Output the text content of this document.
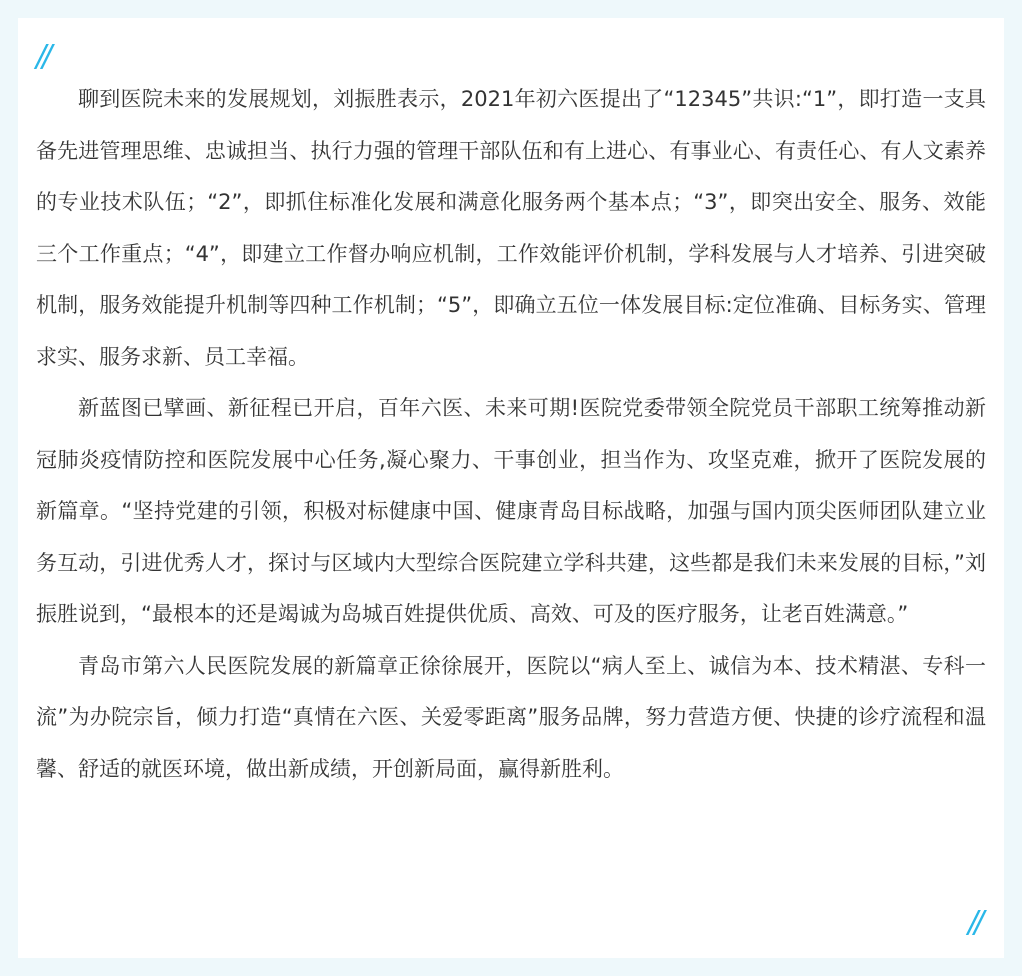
//

聊到医院未来的发展规划，刘振胜表示，2021年初六医提出了“12345”共识:“1”，即打造一支具备先进管理思维、忠诚担当、执行力强的管理干部队伍和有上进心、有事业心、有责任心、有人文素养的专业技术队伍；“2”，即抓住标准化发展和满意化服务两个基本点；“3”，即突出安全、服务、效能三个工作重点；“4”，即建立工作督办响应机制，工作效能评价机制，学科发展与人才培养、引进突破机制，服务效能提升机制等四种工作机制；“5”，即确立五位一体发展目标:定位准确、目标务实、管理求实、服务求新、员工幸福。

新蓝图已擘画、新征程已开启，百年六医、未来可期!医院党委带领全院党员干部职工统筹推动新冠肺炎疫情防控和医院发展中心任务,凝心聚力、干事创业，担当作为、攻坚克难，掀开了医院发展的新篇章。“坚持党建的引领，积极对标健康中国、健康青岛目标战略，加强与国内顶尖医师团队建立业务互动，引进优秀人才，探讨与区域内大型综合医院建立学科共建，这些都是我们未来发展的目标，”刘振胜说到，“最根本的还是竭诚为岛城百姓提供优质、高效、可及的医疗服务，让老百姓满意。”

青岛市第六人民医院发展的新篇章正徐徐展开，医院以“病人至上、诚信为本、技术精湛、专科一流”为办院宗旨，倾力打造“真情在六医、关爱零距离”服务品牌，努力营造方便、快捷的诊疗流程和温馨、舒适的就医环境，做出新成绩，开创新局面，赢得新胜利。

//
